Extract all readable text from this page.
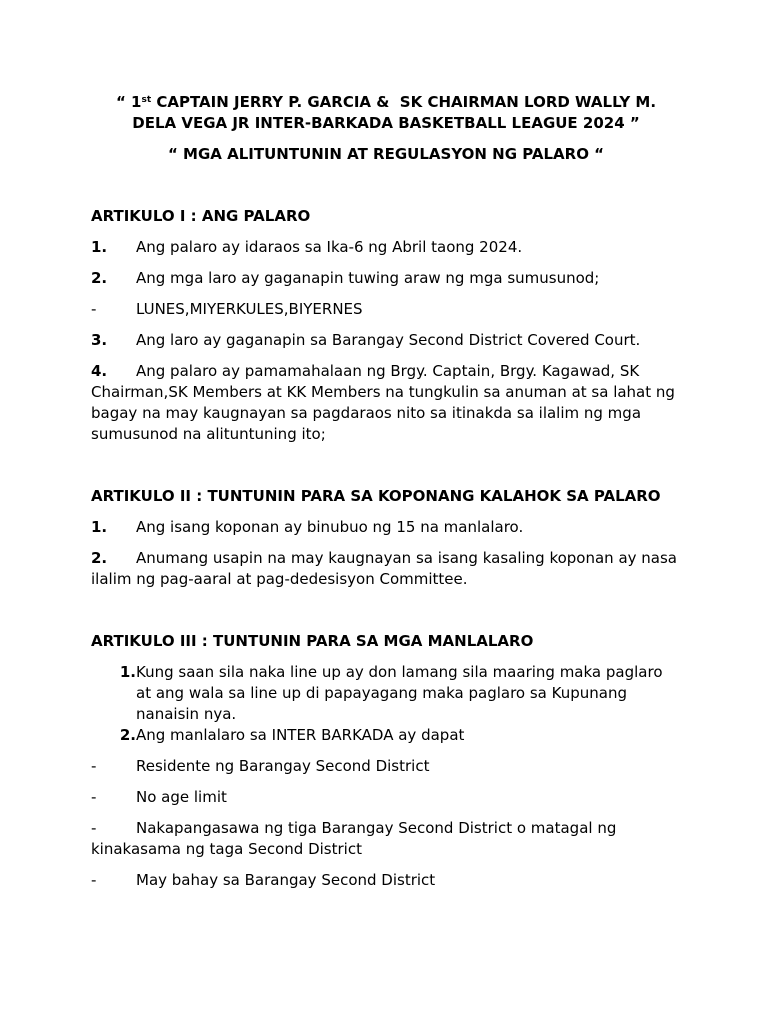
“ 1st CAPTAIN JERRY P. GARCIA &  SK CHAIRMAN LORD WALLY M.
DELA VEGA JR INTER-BARKADA BASKETBALL LEAGUE 2024 ”
“ MGA ALITUNTUNIN AT REGULASYON NG PALARO “
ARTIKULO I : ANG PALARO
1. Ang palaro ay idaraos sa Ika-6 ng Abril taong 2024.
2. Ang mga laro ay gaganapin tuwing araw ng mga sumusunod;
-	LUNES,MIYERKULES,BIYERNES
3. Ang laro ay gaganapin sa Barangay Second District Covered Court.
4. Ang palaro ay pamamahalaan ng Brgy. Captain, Brgy. Kagawad, SK Chairman,SK Members at KK Members na tungkulin sa anuman at sa lahat ng bagay na may kaugnayan sa pagdaraos nito sa itinakda sa ilalim ng mga sumusunod na alituntuning ito;
ARTIKULO II : TUNTUNIN PARA SA KOPONANG KALAHOK SA PALARO
1. Ang isang koponan ay binubuo ng 15 na manlalaro.
2. Anumang usapin na may kaugnayan sa isang kasaling koponan ay nasa ilalim ng pag-aaral at pag-dedesisyon Committee.
ARTIKULO III : TUNTUNIN PARA SA MGA MANLALARO
1. Kung saan sila naka line up ay don lamang sila maaring maka paglaro at ang wala sa line up di papayagang maka paglaro sa Kupunang nanaisin nya.
2. Ang manlalaro sa INTER BARKADA ay dapat
-	Residente ng Barangay Second District
-	No age limit
-	Nakapangasawa ng tiga Barangay Second District o matagal ng kinakasama ng taga Second District
-	May bahay sa Barangay Second District
